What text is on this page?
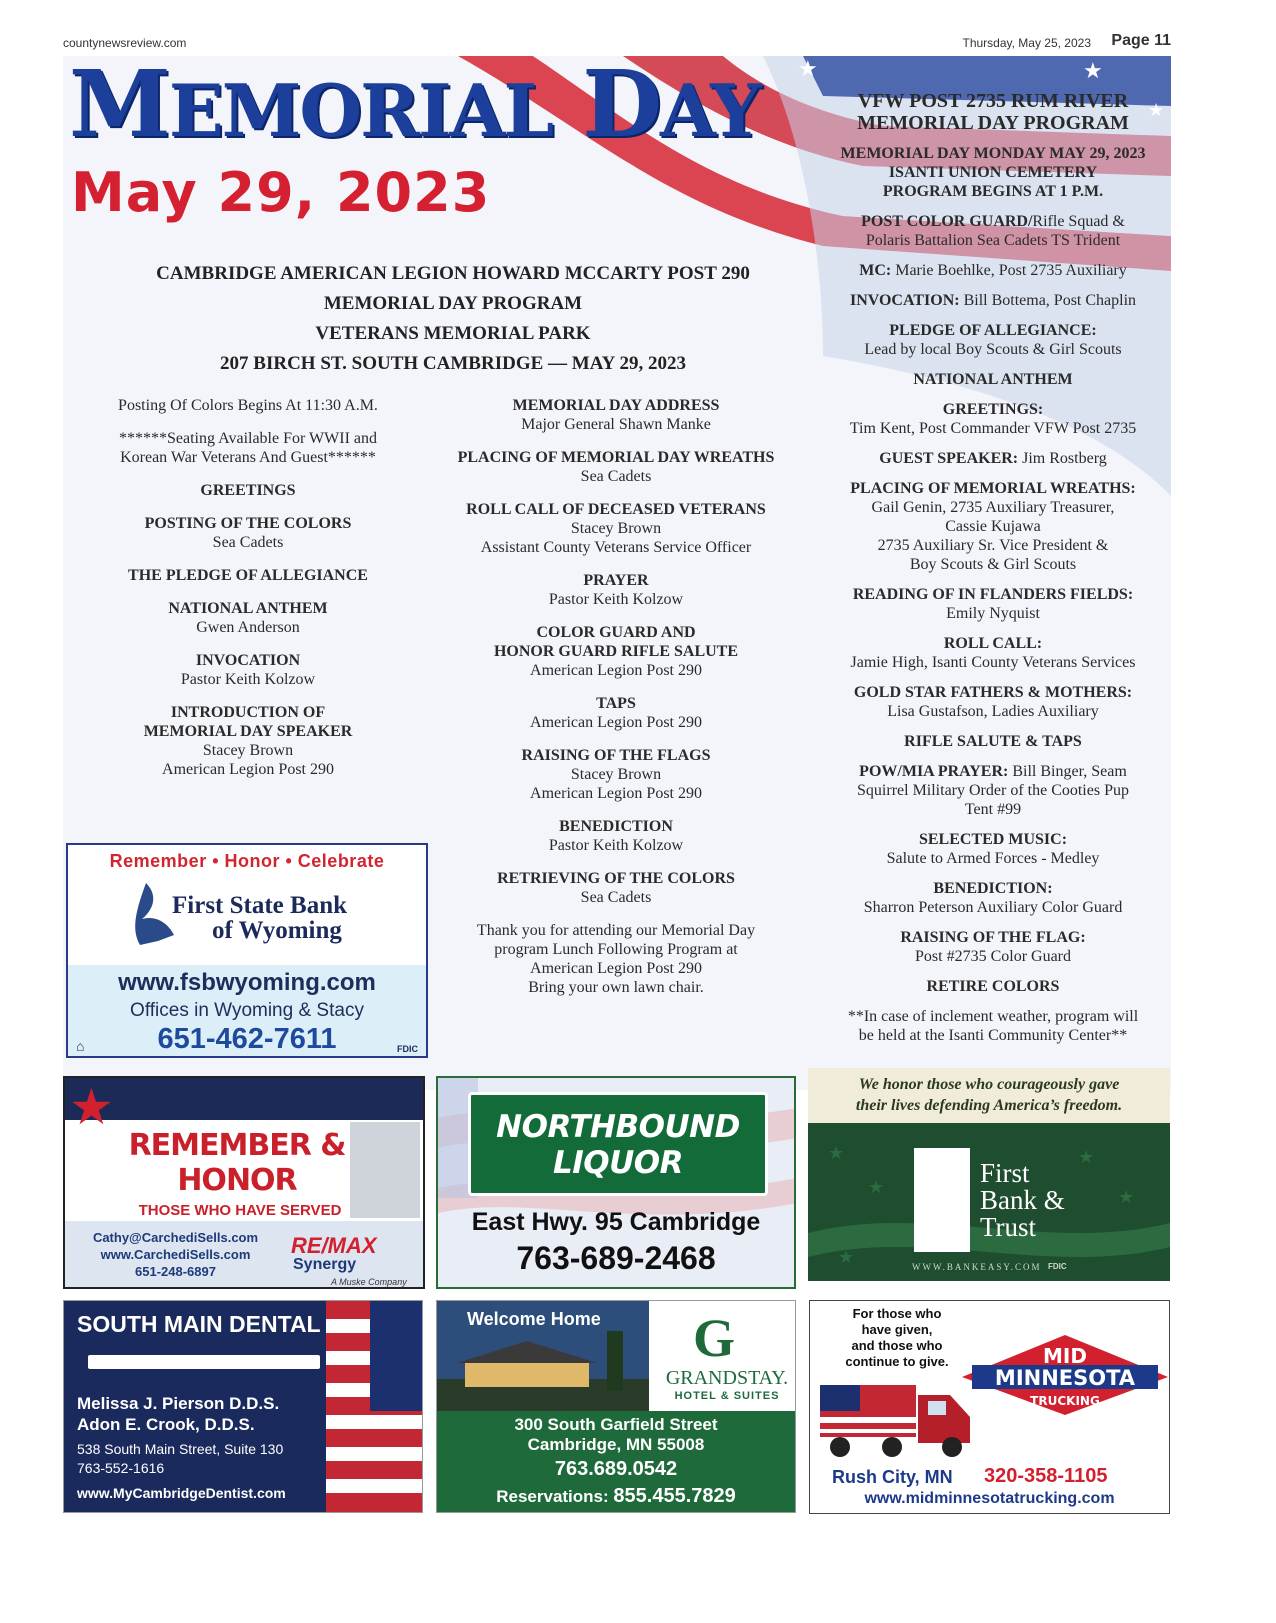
countynewsreview.com	Thursday, May 25, 2023 Page 11
★	★
★
MEMORIAL DAY
May 29, 2023
CAMBRIDGE AMERICAN LEGION HOWARD MCCARTY POST 290
MEMORIAL DAY PROGRAM
VETERANS MEMORIAL PARK
207 BIRCH ST. SOUTH CAMBRIDGE — MAY 29, 2023
Posting Of Colors Begins At 11:30 A.M.
******Seating Available For WWII and
Korean War Veterans And Guest******
GREETINGS
POSTING OF THE COLORS
Sea Cadets
THE PLEDGE OF ALLEGIANCE
NATIONAL ANTHEM
Gwen Anderson
INVOCATION
Pastor Keith Kolzow
INTRODUCTION OF
MEMORIAL DAY SPEAKER
Stacey Brown
American Legion Post 290
MEMORIAL DAY ADDRESS
Major General Shawn Manke
PLACING OF MEMORIAL DAY WREATHS
Sea Cadets
ROLL CALL OF DECEASED VETERANS
Stacey Brown
Assistant County Veterans Service Officer
PRAYER
Pastor Keith Kolzow
COLOR GUARD AND
HONOR GUARD RIFLE SALUTE
American Legion Post 290
TAPS
American Legion Post 290
RAISING OF THE FLAGS
Stacey Brown
American Legion Post 290
BENEDICTION
Pastor Keith Kolzow
RETRIEVING OF THE COLORS
Sea Cadets
Thank you for attending our Memorial Day
program Lunch Following Program at
American Legion Post 290
Bring your own lawn chair.
VFW POST 2735 RUM RIVER
MEMORIAL DAY PROGRAM
MEMORIAL DAY MONDAY MAY 29, 2023
ISANTI UNION CEMETERY
PROGRAM BEGINS AT 1 P.M.
POST COLOR GUARD/Rifle Squad &
Polaris Battalion Sea Cadets TS Trident
MC: Marie Boehlke, Post 2735 Auxiliary
INVOCATION: Bill Bottema, Post Chaplin
PLEDGE OF ALLEGIANCE:
Lead by local Boy Scouts & Girl Scouts
NATIONAL ANTHEM
GREETINGS:
Tim Kent, Post Commander VFW Post 2735
GUEST SPEAKER: Jim Rostberg
PLACING OF MEMORIAL WREATHS:
Gail Genin, 2735 Auxiliary Treasurer,
Cassie Kujawa
2735 Auxiliary Sr. Vice President &
Boy Scouts & Girl Scouts
READING OF IN FLANDERS FIELDS:
Emily Nyquist
ROLL CALL:
Jamie High, Isanti County Veterans Services
GOLD STAR FATHERS & MOTHERS:
Lisa Gustafson, Ladies Auxiliary
RIFLE SALUTE & TAPS
POW/MIA PRAYER: Bill Binger, Seam
Squirrel Military Order of the Cooties Pup
Tent #99
SELECTED MUSIC:
Salute to Armed Forces - Medley
BENEDICTION:
Sharron Peterson Auxiliary Color Guard
RAISING OF THE FLAG:
Post #2735 Color Guard
RETIRE COLORS
**In case of inclement weather, program will
be held at the Isanti Community Center**
Remember • Honor • Celebrate
First State Bank
of Wyoming
www.fsbwyoming.com
Offices in Wyoming & Stacy
651-462-7611
⌂	FDIC
★
REMEMBER &
HONOR
THOSE WHO HAVE SERVED
Cathy@CarchediSells.com
www.CarchediSells.com
651-248-6897
RE/MAX
Synergy
A Muske Company
NORTHBOUND
LIQUOR
East Hwy. 95 Cambridge
763-689-2468
We honor those who courageously gave
their lives defending America’s freedom.
★
★
★
★
★
First
Bank &
Trust
WWW.BANKEASY.COM FDIC
SOUTH MAIN DENTAL
Melissa J. Pierson D.D.S.
Adon E. Crook, D.D.S.
538 South Main Street, Suite 130
763-552-1616
www.MyCambridgeDentist.com
Welcome Home G
GRANDSTAY.
HOTEL & SUITES
300 South Garfield Street
Cambridge, MN 55008
763.689.0542
Reservations: 855.455.7829
For those who
have given,
and those who
continue to give.	MID
MINNESOTA
TRUCKING
Rush City, MN 320-358-1105
www.midminnesotatrucking.com
